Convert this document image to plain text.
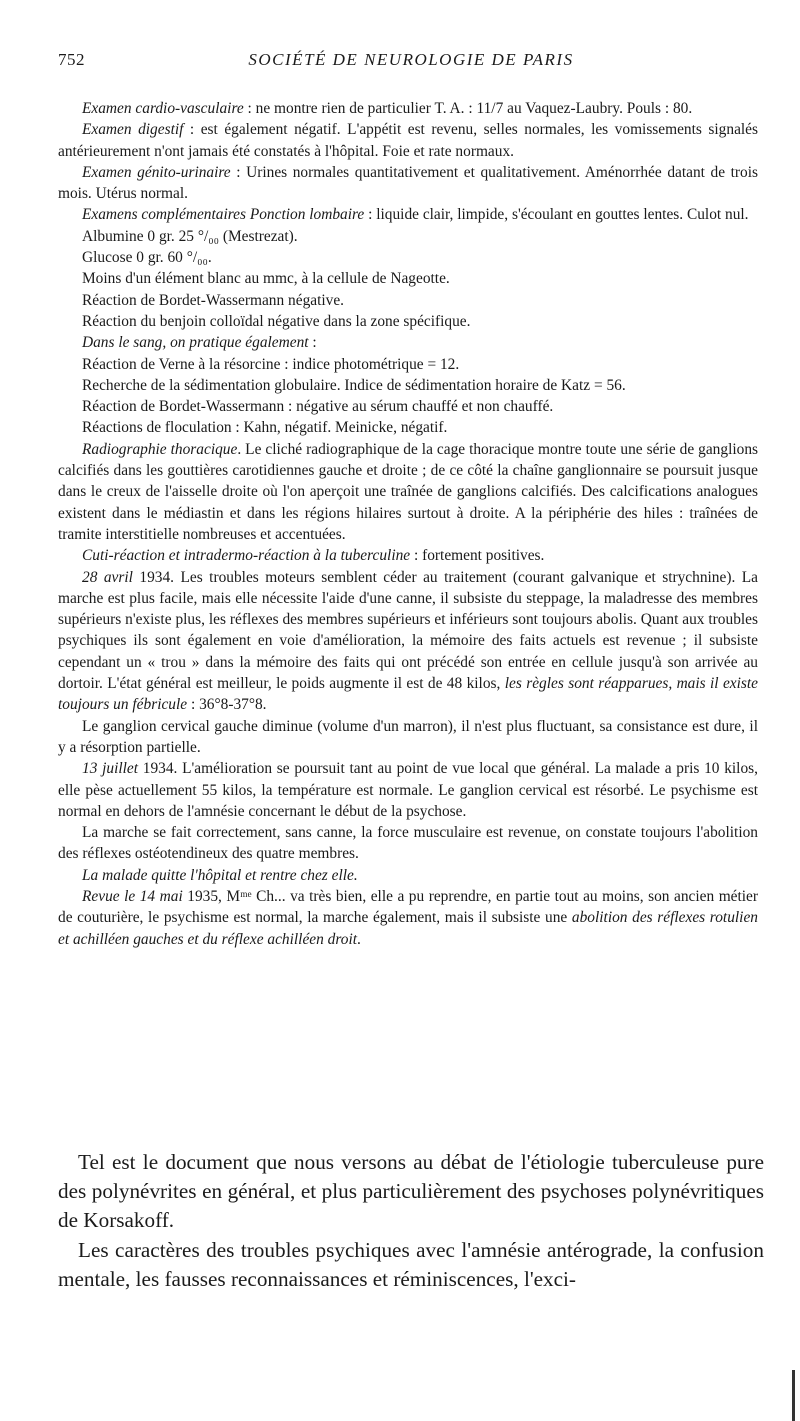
752	SOCIÉTÉ DE NEUROLOGIE DE PARIS

Examen cardio-vasculaire : ne montre rien de particulier T. A. : 11/7 au Vaquez-Laubry. Pouls : 80.

Examen digestif : est également négatif. L'appétit est revenu, selles normales, les vomissements signalés antérieurement n'ont jamais été constatés à l'hôpital. Foie et rate normaux.

Examen génito-urinaire : Urines normales quantitativement et qualitativement. Aménorrhée datant de trois mois. Utérus normal.

Examens complémentaires Ponction lombaire : liquide clair, limpide, s'écoulant en gouttes lentes. Culot nul.

Albumine 0 gr. 25 °/₀₀ (Mestrezat).

Glucose 0 gr. 60 °/₀₀.

Moins d'un élément blanc au mmc, à la cellule de Nageotte.

Réaction de Bordet-Wassermann négative.

Réaction du benjoin colloïdal négative dans la zone spécifique.

Dans le sang, on pratique également :

Réaction de Verne à la résorcine : indice photométrique = 12.

Recherche de la sédimentation globulaire. Indice de sédimentation horaire de Katz = 56.

Réaction de Bordet-Wassermann : négative au sérum chauffé et non chauffé.

Réactions de floculation : Kahn, négatif. Meinicke, négatif.

Radiographie thoracique. Le cliché radiographique de la cage thoracique montre toute une série de ganglions calcifiés dans les gouttières carotidiennes gauche et droite ; de ce côté la chaîne ganglionnaire se poursuit jusque dans le creux de l'aisselle droite où l'on aperçoit une traînée de ganglions calcifiés. Des calcifications analogues existent dans le médiastin et dans les régions hilaires surtout à droite. A la périphérie des hiles : traînées de tramite interstitielle nombreuses et accentuées.

Cuti-réaction et intradermo-réaction à la tuberculine : fortement positives.

28 avril 1934. Les troubles moteurs semblent céder au traitement (courant galvanique et strychnine). La marche est plus facile, mais elle nécessite l'aide d'une canne, il subsiste du steppage, la maladresse des membres supérieurs n'existe plus, les réflexes des membres supérieurs et inférieurs sont toujours abolis. Quant aux troubles psychiques ils sont également en voie d'amélioration, la mémoire des faits actuels est revenue ; il subsiste cependant un « trou » dans la mémoire des faits qui ont précédé son entrée en cellule jusqu'à son arrivée au dortoir. L'état général est meilleur, le poids augmente il est de 48 kilos, les règles sont réapparues, mais il existe toujours un fébricule : 36°8-37°8.

Le ganglion cervical gauche diminue (volume d'un marron), il n'est plus fluctuant, sa consistance est dure, il y a résorption partielle.

13 juillet 1934. L'amélioration se poursuit tant au point de vue local que général. La malade a pris 10 kilos, elle pèse actuellement 55 kilos, la température est normale. Le ganglion cervical est résorbé. Le psychisme est normal en dehors de l'amnésie concernant le début de la psychose.

La marche se fait correctement, sans canne, la force musculaire est revenue, on constate toujours l'abolition des réflexes ostéotendineux des quatre membres.

La malade quitte l'hôpital et rentre chez elle.

Revue le 14 mai 1935, Mᵐᵉ Ch... va très bien, elle a pu reprendre, en partie tout au moins, son ancien métier de couturière, le psychisme est normal, la marche également, mais il subsiste une abolition des réflexes rotulien et achilléen gauches et du réflexe achilléen droit.

Tel est le document que nous versons au débat de l'étiologie tuberculeuse pure des polynévrites en général, et plus particulièrement des psychoses polynévritiques de Korsakoff.

Les caractères des troubles psychiques avec l'amnésie antérograde, la confusion mentale, les fausses reconnaissances et réminiscences, l'exci-
